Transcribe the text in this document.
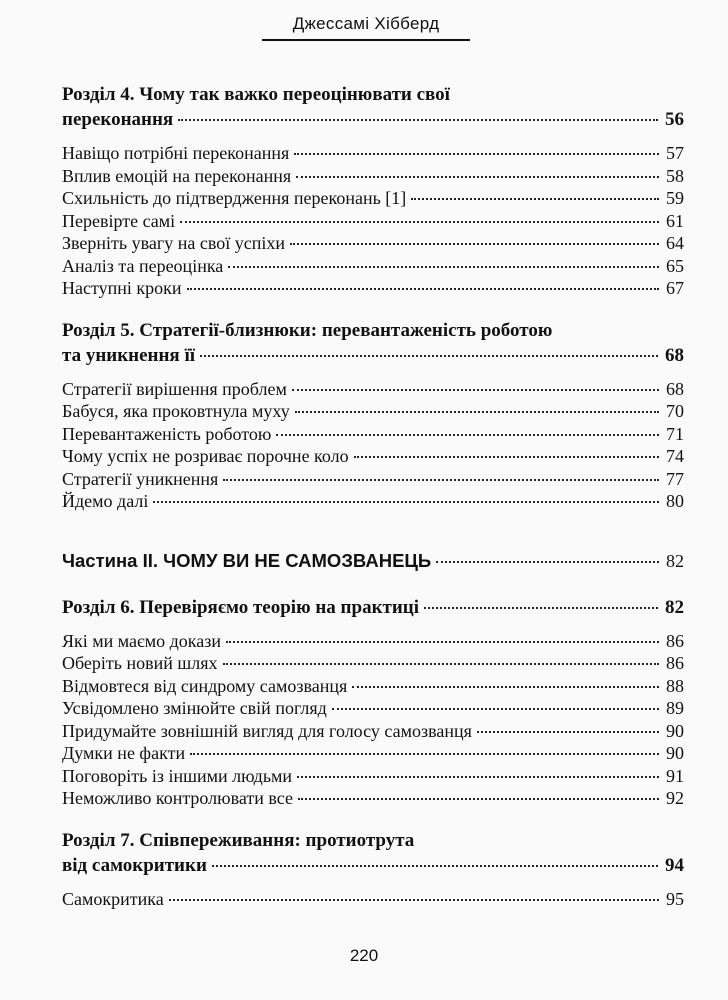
Джессамі Хібберд
Розділ 4. Чому так важко переоцінювати свої
переконання	56
Навіщо потрібні переконання	57
Вплив емоцій на переконання	58
Схильність до підтвердження переконань [1]	59
Перевірте самі	61
Зверніть увагу на свої успіхи	64
Аналіз та переоцінка	65
Наступні кроки	67
Розділ 5. Стратегії-близнюки: перевантаженість роботою
та уникнення її	68
Стратегії вирішення проблем	68
Бабуся, яка проковтнула муху	70
Перевантаженість роботою	71
Чому успіх не розриває порочне коло	74
Стратегії уникнення	77
Йдемо далі	80
Частина II. ЧОМУ ВИ НЕ САМОЗВАНЕЦЬ	82
Розділ 6. Перевіряємо теорію на практиці	82
Які ми маємо докази	86
Оберіть новий шлях	86
Відмовтеся від синдрому самозванця	88
Усвідомлено змінюйте свій погляд	89
Придумайте зовнішній вигляд для голосу самозванця	90
Думки не факти	90
Поговоріть із іншими людьми	91
Неможливо контролювати все	92
Розділ 7. Співпереживання: протиотрута
від самокритики	94
Самокритика	95
220
